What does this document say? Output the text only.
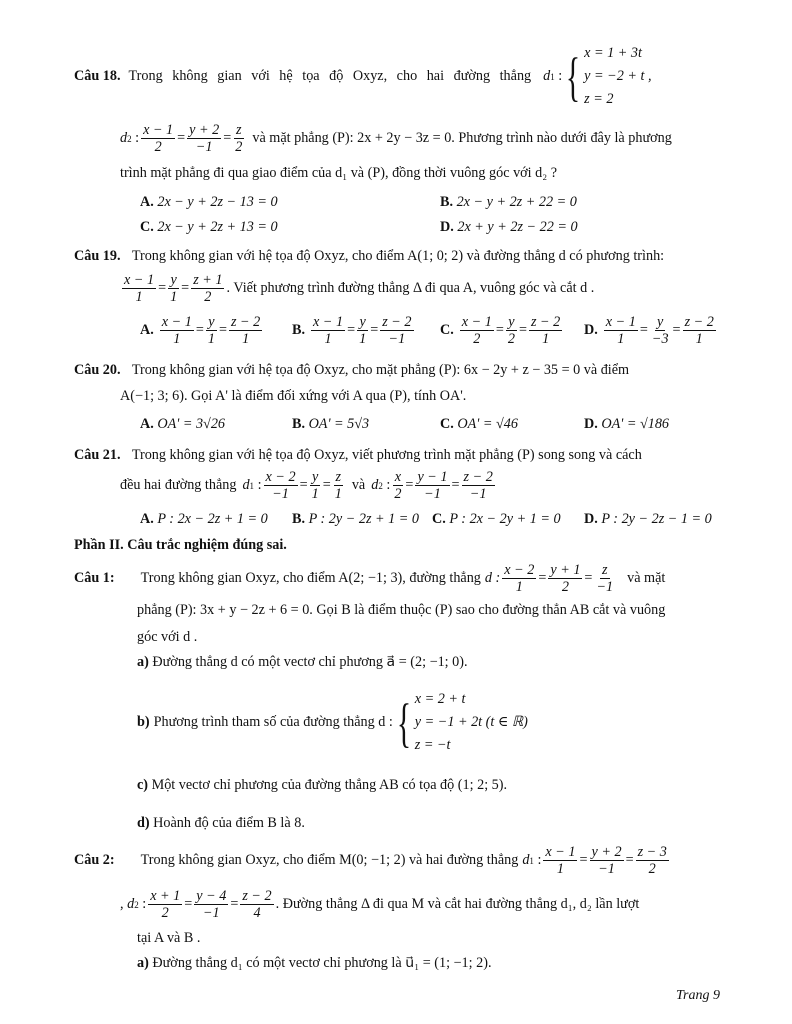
Câu 18. Trong không gian với hệ tọa độ Oxyz, cho hai đường thẳng d 1 : { x = 1 + 3t
y = −2 + t ,
z = 2
d 2 : $\frac{x - 1}{2} = \frac{y + 2}{-1} = \frac{z}{2}$ và mặt phẳng (P): 2x + 2y − 3z = 0. Phương trình nào dưới đây là phương
trình mặt phẳng đi qua giao điểm của d₁ và (P), đồng thời vuông góc với d₂ ?
A. 2x − y + 2z − 13 = 0	B. 2x − y + 2z + 22 = 0
C. 2x − y + 2z + 13 = 0	D. 2x + y + 2z − 22 = 0
Câu 19. Trong không gian với hệ tọa độ Oxyz, cho điểm A(1; 0; 2) và đường thẳng d có phương trình:
$\frac{x - 1}{1} = \frac{y}{1} = \frac{z + 1}{2}$ . Viết phương trình đường thẳng Δ đi qua A, vuông góc và cắt d .
A. $\frac{x - 1}{1} = \frac{y}{1} = \frac{z - 2}{1} B$. $\frac{x - 1}{1} = \frac{y}{1} = \frac{z - 2}{-1} C$. $\frac{x - 1}{2} = \frac{y}{2} = \frac{z - 2}{1} D$. $\frac{x - 1}{1} = \frac{y}{-3} = \frac{z - 2}{1}$
Câu 20. Trong không gian với hệ tọa độ Oxyz, cho mặt phẳng (P): 6x − 2y + z − 35 = 0 và điểm
A(−1; 3; 6). Gọi A' là điểm đối xứng với A qua (P), tính OA'.
A. OA' = 3√26	B. OA' = 5√3	C. OA' = √46	D. OA' = √186
Câu 21. Trong không gian với hệ tọa độ Oxyz, viết phương trình mặt phẳng (P) song song và cách
đều hai đường thẳng d 1 : $\frac{x - 2}{-1} = \frac{y}{1} = \frac{z}{1}$ và d 2 : $\frac{x}{2} = \frac{y - 1}{-1} = \frac{z - 2}{-1}$
A. P : 2x − 2z + 1 = 0 B. P : 2y − 2z + 1 = 0 C. P : 2x − 2y + 1 = 0 D. P : 2y − 2z − 1 = 0
Phần II. Câu trắc nghiệm đúng sai.
Câu 1: Trong không gian Oxyz, cho điểm A(2; −1; 3), đường thẳng d : $\frac{x - 2}{1} = \frac{y + 1}{2} = \frac{z}{-1}$ và mặt
phẳng (P): 3x + y − 2z + 6 = 0. Gọi B là điểm thuộc (P) sao cho đường thẳn AB cắt và vuông
góc với d .
a) Đường thẳng d có một vectơ chỉ phương a⃗ = (2; −1; 0).
b) Phương trình tham số của đường thẳng d : { x = 2 + t
y = −1 + 2t (t ∈ ℝ)
z = −t
c) Một vectơ chỉ phương của đường thẳng AB có tọa độ (1; 2; 5).
d) Hoành độ của điểm B là 8.
Câu 2: Trong không gian Oxyz, cho điểm M(0; −1; 2) và hai đường thẳng d 1 : $\frac{x - 1}{1} = \frac{y + 2}{-1} = \frac{z - 3}{2}$
, d 2 : $\frac{x + 1}{2} = \frac{y - 4}{-1} = \frac{z - 2}{4}$ . Đường thẳng Δ đi qua M và cắt hai đường thẳng d₁, d₂ lần lượt
tại A và B .
a) Đường thẳng d₁ có một vectơ chỉ phương là u⃗₁ = (1; −1; 2).
Trang 9
